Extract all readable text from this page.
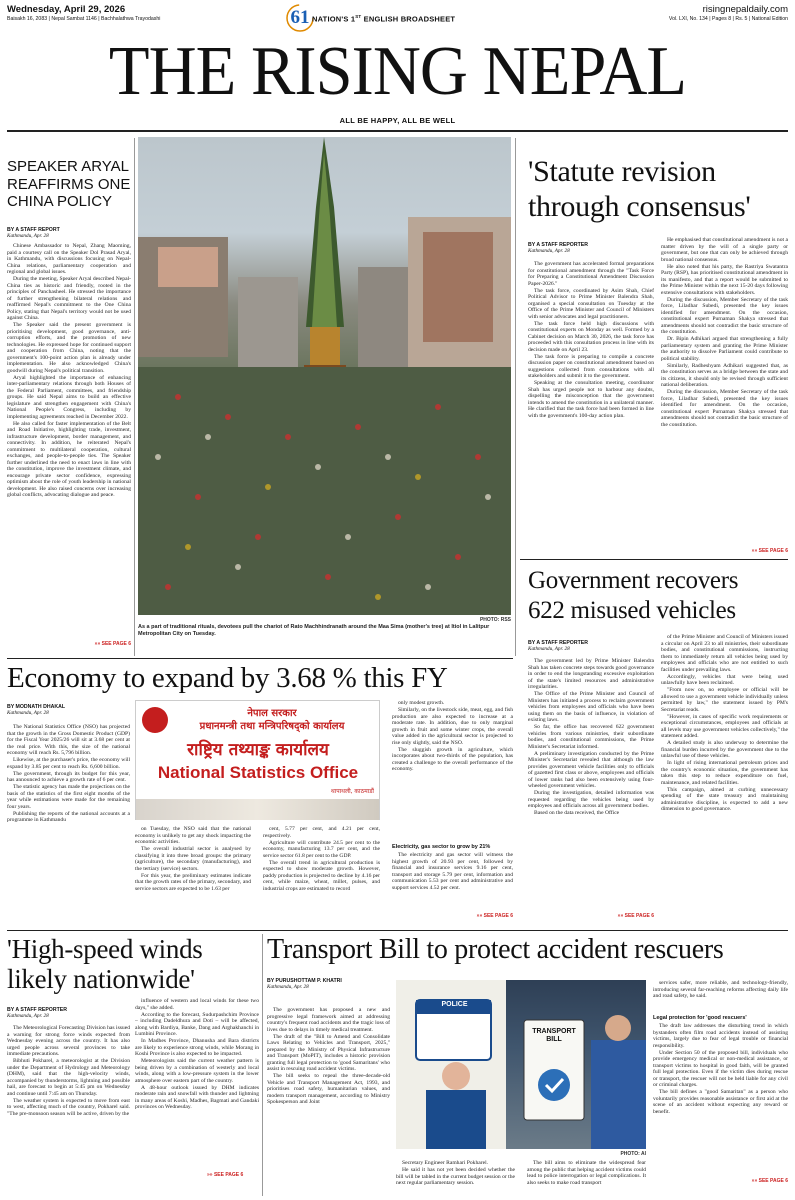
Wednesday, April 29, 2026
Baisakh 16, 2083 | Nepal Sambat 1146 | Bachhalathwa Trayodashi
risingnepaldaily.com
Vol. LXI, No. 134 | Pages 8 | Rs. 5 | National Edition
61 NATION'S 1ST ENGLISH BROADSHEET
THE RISING NEPAL
ALL BE HAPPY, ALL BE WELL
SPEAKER ARYAL REAFFIRMS ONE CHINA POLICY
BY A STAFF REPORT
Kathmandu, Apr. 28

Chinese Ambassador to Nepal, Zhang Maoming, paid a courtesy call on the Speaker Dol Prasad Aryal, in Kathmandu, with discussions focusing on Nepal-China relations, parliamentary cooperation and regional and global issues.

During the meeting, Speaker Aryal described Nepal-China ties as historic and friendly, rooted in the principles of Panchasheel. He stressed the importance of further strengthening bilateral relations and reaffirmed Nepal's commitment to the One China Policy, stating that Nepal's territory would not be used against China.

The Speaker said the present government is prioritising development, good governance, anti-corruption efforts, and the promotion of new technologies. He expressed hope for continued support and cooperation from China, noting that the government's 100-point action plan is already under implementation. He also acknowledged China's goodwill during Nepal's political transition.

Aryal highlighted the importance of enhancing inter-parliamentary relations through both Houses of the Federal Parliament, committees, and friendship groups. He said Nepal aims to build an effective legislature and strengthen engagement with China's National People's Congress, including by implementing agreements reached in December 2022.

He also called for faster implementation of the Belt and Road Initiative, highlighting trade, investment, infrastructure development, border management, and connectivity. In addition, he reiterated Nepal's commitment to multilateral cooperation, cultural exchanges, and people-to-people ties. The Speaker further underlined the need to enact laws in line with the constitution, improve the investment climate, and encourage private sector confidence, expressing optimism about the role of youth leadership in national development. He also raised concerns over increasing global conflicts, advocating dialogue and peace.

»» SEE PAGE 6
PHOTO: RSS
As a part of traditional rituals, devotees pull the chariot of Rato Machhindranath around the Maa Sima (mother's tree) at Itiol in Lalitpur Metropolitan City on Tuesday.
'Statute revision
through consensus'
BY A STAFF REPORTER
Kathmandu, Apr. 28

The government has accelerated formal preparations for constitutional amendment through the "Task Force for Preparing a Constitutional Amendment Discussion Paper-2026."

The task force, coordinated by Asim Shah, Chief Political Advisor to Prime Minister Balendra Shah, organised a special consultation on Tuesday at the Office of the Prime Minister and Council of Ministers with senior advocates and legal practitioners.

The task force held high discussions with constitutional experts on Monday as well. Formed by a Cabinet decision on March 30, 2026, the task force has proceeded with this consultation process in line with its decision made on April 23.

The task force is preparing to compile a concrete discussion paper on constitutional amendment based on suggestions collected from consultations with all stakeholders and submit it to the government.

Speaking at the consultation meeting, coordinator Shah has urged people not to harbour any doubts, dispelling the misconception that the government intends to amend the constitution in a unilateral manner. He clarified that the task force had been formed in line with the government's 100-day action plan.

He emphasised that constitutional amendment is not a matter driven by the will of a single party or government, but one that can only be achieved through broad national consensus.

He also noted that his party, the Rastriya Swatantra Party (RSP), has prioritised constitutional amendment in its manifesto, and that a report would be submitted to the Prime Minister within the next 15-20 days following extensive consultations with stakeholders.

During the discussion, Member Secretary of the task force, Liladhar Subedi, presented the key issues identified for amendment. On the occasion, constitutional expert Purnaman Shakya stressed that amendments should not contradict the basic structure of the constitution.

Dr. Bipin Adhikari argued that strengthening a fully parliamentary system and granting the Prime Minister the authority to dissolve Parliament could contribute to political stability.

Similarly, Radheshyam Adhikari suggested that, as the constitution serves as a bridge between the state and its citizens, it should only be revised through sufficient national deliberation.

During the discussion, Member Secretary of the task force, Liladhar Subedi, presented the key issues identified for amendment. On the occasion, constitutional expert Purnaman Shakya stressed that amendments should not contradict the basic structure of the constitution.

»» SEE PAGE 6
Government recovers
622 misused vehicles
BY A STAFF REPORTER
Kathmandu, Apr. 28

The government led by Prime Minister Balendra Shah has taken concrete steps towards good governance in order to end the longstanding excessive exploitation of the state's limited resources and administrative irregularities.

The Office of the Prime Minister and Council of Ministers has initiated a process to reclaim government vehicles from employees and officials who have been using them on the basis of influence, in violation of existing laws.

So far, the office has recovered 622 government vehicles from various ministries, their subordinate bodies, and constitutional commissions, the Prime Minister's Secretariat informed.

A preliminary investigation conducted by the Prime Minister's Secretariat revealed that although the law provides government vehicle facilities only to officials of gazetted first class or above, employees and officials of lower ranks had also been extensively using four-wheeled government vehicles.

During the investigation, detailed information was requested regarding the vehicles being used by employees and officials across all government bodies.

Based on the data received, the Office

of the Prime Minister and Council of Ministers issued a circular on April 23 to all ministries, their subordinate bodies, and constitutional commissions, instructing them to immediately return all vehicles being used by employees and officials who are not entitled to such facilities under prevailing laws.

Accordingly, vehicles that were being used unlawfully have been reclaimed.

"From now on, no employee or official will be allowed to use a government vehicle individually unless permitted by law," the statement issued by PM's Secretariat reads.

"However, in cases of specific work requirements or exceptional circumstances, employees and officials at all levels may use government vehicles collectively," the statement added.

A detailed study is also underway to determine the financial burden incurred by the government due to the unlawful use of these vehicles.

In light of rising international petroleum prices and the country's economic situation, the government has taken this step to reduce expenditure on fuel, maintenance, and related facilities.

This campaign, aimed at curbing unnecessary spending of the state treasury and maintaining administrative discipline, is expected to add a new dimension to good governance.

»» SEE PAGE 6
Economy to expand by 3.68 % this FY
BY MODNATH DHAKAL
Kathmandu, Apr. 28

The National Statistics Office (NSO) has projected that the growth in the Gross Domestic Product (GDP) for the Fiscal Year 2025/26 will sit at 3.68 per cent at the real price. With this, the size of the national economy will reach Rs. 5,796 billion.

Likewise, at the purchaser's price, the economy will expand by 3.85 per cent to reach Rs. 6,600 billion.

The government, through its budget for this year, has announced to achieve a growth rate of 6 per cent.

The statistic agency has made the projections on the basis of the statistics of the first eight months of the year while estimations were made for the remaining four years.

Publishing the reports of the national accounts at a programme in Kathmandu

नेपाल सरकार
प्रधानमन्त्री तथा मन्त्रिपरिषद्को कार्यालय
राष्ट्रिय तथ्याङ्क कार्यालय
National Statistics Office
थापाथली, काठमाडौं

on Tuesday, the NSO said that the national economy is unlikely to get any shock impacting the economic activities.

The overall industrial sector is analysed by classifying it into three broad groups: the primary (agriculture), the secondary (manufacturing), and the tertiary (service) sectors.

For this year, the preliminary estimates indicate that the growth rates of the primary, secondary, and service sectors are expected to be 1.63 per

cent, 5.77 per cent, and 4.21 per cent, respectively.

Agriculture will contribute 24.5 per cent to the economy, manufacturing 13.7 per cent, and the service sector 61.8 per cent to the GDP.

The overall trend in agricultural production is expected to show moderate growth. However, paddy production is projected to decline by 4.16 per cent, while maize, wheat, millet, pulses, and industrial crops are estimated to record

only modest growth.

Similarly, on the livestock side, meat, egg, and fish production are also expected to increase at a moderate rate. In addition, due to only marginal growth in fruit and some winter crops, the overall value added in the agricultural sector is projected to rise only slightly, said the NSO.

The sluggish growth in agriculture, which incorporates about two-thirds of the population, has created a challenge to the overall performance of the economy.

Electricity, gas sector to grow by 21%

The electricity and gas sector will witness the highest growth of 20.93 per cent, followed by financial and insurance services 9.16 per cent, transport and storage 5.79 per cent, information and communication 5.53 per cent and administrative and support services 4.52 per cent.

»» SEE PAGE 6
'High-speed winds
likely nationwide'
BY A STAFF REPORTER
Kathmandu, Apr. 28

The Meteorological Forecasting Division has issued a warning for strong force winds expected from Wednesday evening across the country. It has also urged people across several provinces to take immediate precautions.

Bibhuti Pokharel, a meteorologist at the Division under the Department of Hydrology and Meteorology (DHM), said that the high-velocity winds, accompanied by thunderstorms, lightning and possible hail, are forecast to begin at 5:45 pm on Wednesday and continue until 7:45 am on Thursday.

The weather system is expected to move from east to west, affecting much of the country, Pokharel said. "The pre-monsoon season will be active, driven by the

influence of western and local winds for these two days," she added.

According to the forecast, Sudurpashchim Province – including Dadeldhura and Doti – will be affected, along with Bardiya, Banke, Dang and Arghakhanchi in Lumbini Province.

In Madhes Province, Dhanusha and Bara districts are likely to experience strong winds, while Morang in Koshi Province is also expected to be impacted.

Meteorologists said the current weather pattern is being driven by a combination of westerly and local winds, along with a low-pressure system in the lower atmosphere over eastern part of the country.

A 48-hour outlook issued by DHM indicates moderate rain and snowfall with thunder and lightning in many areas of Koshi, Madhes, Bagmati and Gandaki provinces on Wednesday.

»» SEE PAGE 6
Transport Bill to protect accident rescuers
BY PURUSHOTTAM P. KHATRI
Kathmandu, Apr. 28

The government has proposed a new and progressive legal framework aimed at addressing country's frequent road accidents and the tragic loss of lives due to delays in timely medical treatment.

The draft of the "Bill to Amend and Consolidate Laws Relating to Vehicles and Transport, 2025," prepared by the Ministry of Physical Infrastructure and Transport (MoPIT), includes a historic provision granting full legal protection to 'good Samaritans' who assist in rescuing road accident victims.

The bill seeks to repeal the three-decade-old Vehicle and Transport Management Act, 1993, and prioritises road safety, humanitarian values, and modern transport management, according to Ministry Spokesperson and Joint

POLICE
TRANSPORT BILL
PHOTO: AI

Secretary Engineer Ramhari Pokharel.

He said it has not yet been decided whether the bill will be tabled in the current budget session or the next regular parliamentary session.

The bill aims to eliminate the widespread fear among the public that helping accident victims could lead to police interrogation or legal complications. It also seeks to make road transport

services safer, more reliable, and technology-friendly, introducing several far-reaching reforms affecting daily life and road safety, he said.

Legal protection for 'good rescuers'

The draft law addresses the disturbing trend in which bystanders often film road accidents instead of assisting victims, largely due to fear of legal trouble or financial responsibility.

Under Section 50 of the proposed bill, individuals who provide emergency medical or non-medical assistance, or transport victims to hospital in good faith, will be granted full legal protection. Even if the victim dies during rescue or transport, the rescuer will not be held liable for any civil or criminal charges.

The bill defines a "good Samaritan" as a person who voluntarily provides reasonable assistance or first aid at the scene of an accident without expecting any reward or benefit.

»» SEE PAGE 6
